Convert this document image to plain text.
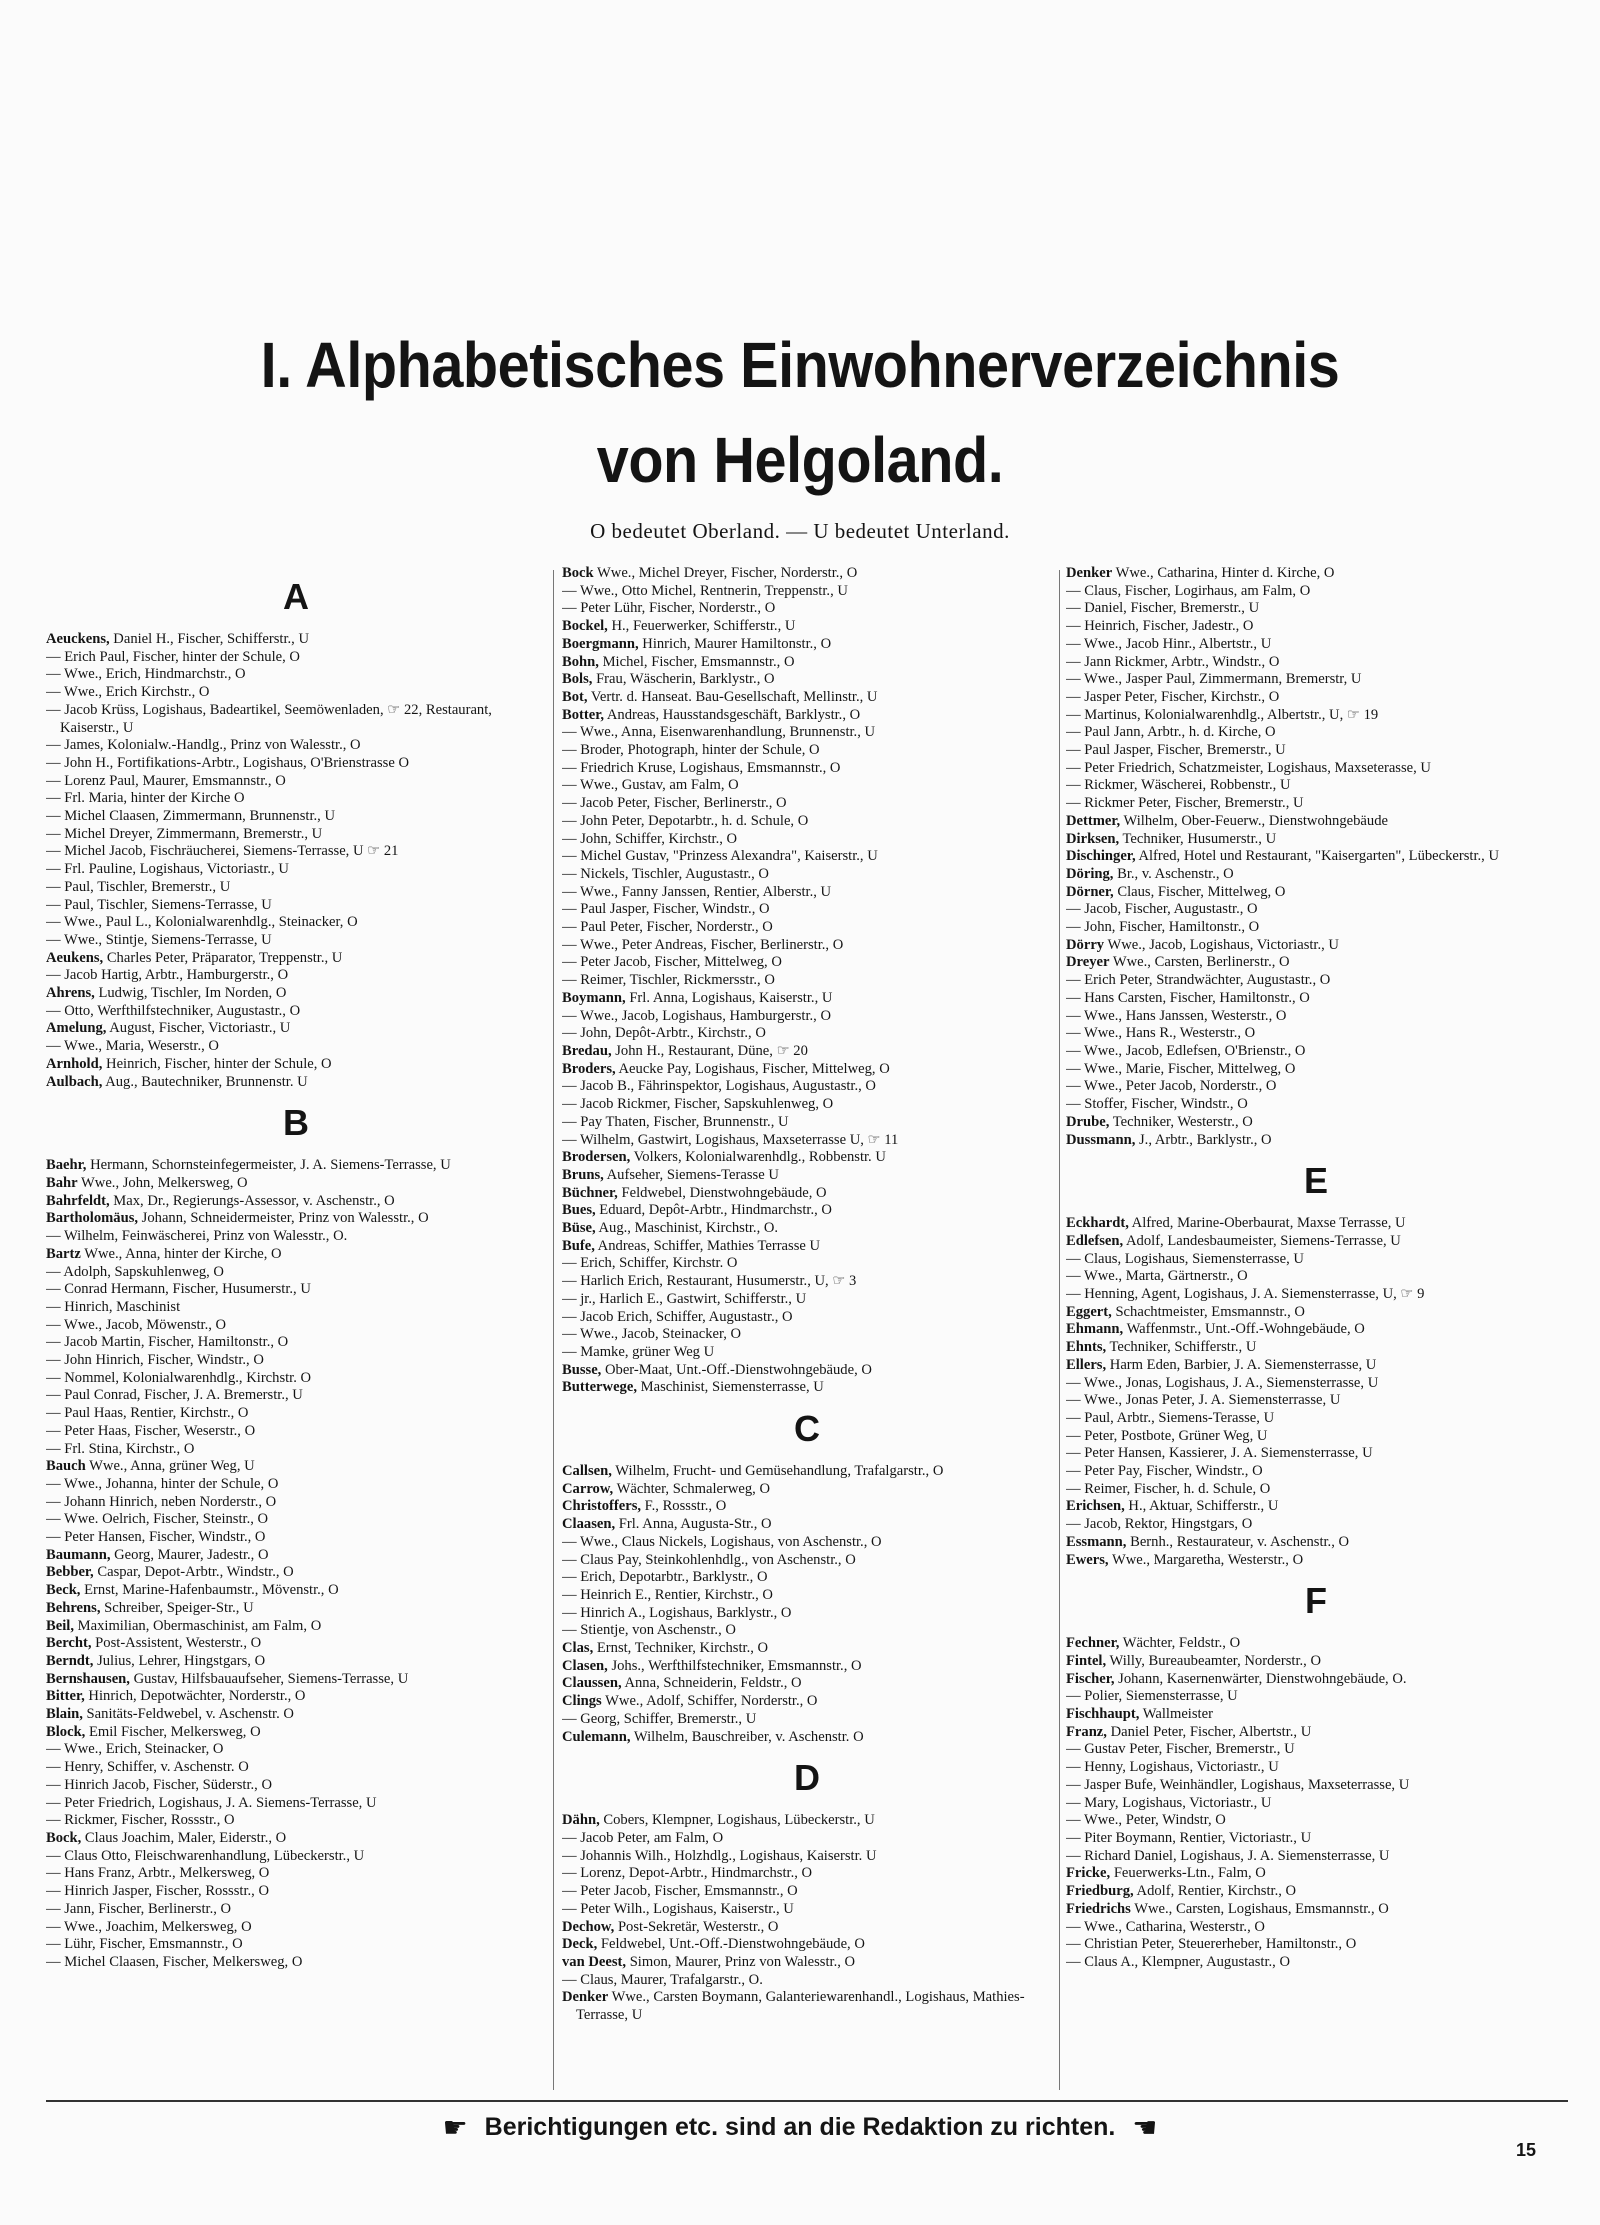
I. Alphabetisches Einwohnerverzeichnis
von Helgoland.
O bedeutet Oberland. — U bedeutet Unterland.
A
Aeuckens, Daniel H., Fischer, Schifferstr., U
— Erich Paul, Fischer, hinter der Schule, O
— Wwe., Erich, Hindmarchstr., O
— Wwe., Erich Kirchstr., O
— Jacob Krüss, Logishaus, Badeartikel, Seemöwenladen, ☞ 22, Restaurant, Kaiserstr., U
— James, Kolonialw.-Handlg., Prinz von Walesstr., O
— John H., Fortifikations-Arbtr., Logishaus, O'Brienstrasse O
— Lorenz Paul, Maurer, Emsmannstr., O
— Frl. Maria, hinter der Kirche O
— Michel Claasen, Zimmermann, Brunnenstr., U
— Michel Dreyer, Zimmermann, Bremerstr., U
— Michel Jacob, Fischräucherei, Siemens-Terrasse, U ☞ 21
— Frl. Pauline, Logishaus, Victoriastr., U
— Paul, Tischler, Bremerstr., U
— Paul, Tischler, Siemens-Terrasse, U
— Wwe., Paul L., Kolonialwarenhdlg., Steinacker, O
— Wwe., Stintje, Siemens-Terrasse, U
Aeukens, Charles Peter, Präparator, Treppenstr., U
— Jacob Hartig, Arbtr., Hamburgerstr., O
Ahrens, Ludwig, Tischler, Im Norden, O
— Otto, Werfthilfstechniker, Augustastr., O
Amelung, August, Fischer, Victoriastr., U
— Wwe., Maria, Weserstr., O
Arnhold, Heinrich, Fischer, hinter der Schule, O
Aulbach, Aug., Bautechniker, Brunnenstr. U
B
Baehr, Hermann, Schornsteinfegermeister, J. A. Siemens-Terrasse, U
Bahr Wwe., John, Melkersweg, O
Bahrfeldt, Max, Dr., Regierungs-Assessor, v. Aschenstr., O
Bartholomäus, Johann, Schneidermeister, Prinz von Walesstr., O
— Wilhelm, Feinwäscherei, Prinz von Walesstr., O.
Bartz Wwe., Anna, hinter der Kirche, O
— Adolph, Sapskuhlenweg, O
— Conrad Hermann, Fischer, Husumerstr., U
— Hinrich, Maschinist
— Wwe., Jacob, Möwenstr., O
— Jacob Martin, Fischer, Hamiltonstr., O
— John Hinrich, Fischer, Windstr., O
— Nommel, Kolonialwarenhdlg., Kirchstr. O
— Paul Conrad, Fischer, J. A. Bremerstr., U
— Paul Haas, Rentier, Kirchstr., O
— Peter Haas, Fischer, Weserstr., O
— Frl. Stina, Kirchstr., O
Bauch Wwe., Anna, grüner Weg, U
— Wwe., Johanna, hinter der Schule, O
— Johann Hinrich, neben Norderstr., O
— Wwe. Oelrich, Fischer, Steinstr., O
— Peter Hansen, Fischer, Windstr., O
Baumann, Georg, Maurer, Jadestr., O
Bebber, Caspar, Depot-Arbtr., Windstr., O
Beck, Ernst, Marine-Hafenbaumstr., Mövenstr., O
Behrens, Schreiber, Speiger-Str., U
Beil, Maximilian, Obermaschinist, am Falm, O
Bercht, Post-Assistent, Westerstr., O
Berndt, Julius, Lehrer, Hingstgars, O
Bernshausen, Gustav, Hilfsbauaufseher, Siemens-Terrasse, U
Bitter, Hinrich, Depotwächter, Norderstr., O
Blain, Sanitäts-Feldwebel, v. Aschenstr. O
Block, Emil Fischer, Melkersweg, O
— Wwe., Erich, Steinacker, O
— Henry, Schiffer, v. Aschenstr. O
— Hinrich Jacob, Fischer, Süderstr., O
— Peter Friedrich, Logishaus, J. A. Siemens-Terrasse, U
— Rickmer, Fischer, Rossstr., O
Bock, Claus Joachim, Maler, Eiderstr., O
— Claus Otto, Fleischwarenhandlung, Lübeckerstr., U
— Hans Franz, Arbtr., Melkersweg, O
— Hinrich Jasper, Fischer, Rossstr., O
— Jann, Fischer, Berlinerstr., O
— Wwe., Joachim, Melkersweg, O
— Lühr, Fischer, Emsmannstr., O
— Michel Claasen, Fischer, Melkersweg, O
Bock Wwe., Michel Dreyer, Fischer, Norderstr., O
— Wwe., Otto Michel, Rentnerin, Treppenstr., U
— Peter Lühr, Fischer, Norderstr., O
Bockel, H., Feuerwerker, Schifferstr., U
Boergmann, Hinrich, Maurer Hamiltonstr., O
Bohn, Michel, Fischer, Emsmannstr., O
Bols, Frau, Wäscherin, Barklystr., O
Bot, Vertr. d. Hanseat. Bau-Gesellschaft, Mellinstr., U
Botter, Andreas, Hausstandsgeschäft, Barklystr., O
— Wwe., Anna, Eisenwarenhandlung, Brunnenstr., U
— Broder, Photograph, hinter der Schule, O
— Friedrich Kruse, Logishaus, Emsmannstr., O
— Wwe., Gustav, am Falm, O
— Jacob Peter, Fischer, Berlinerstr., O
— John Peter, Depotarbtr., h. d. Schule, O
— John, Schiffer, Kirchstr., O
— Michel Gustav, "Prinzess Alexandra", Kaiserstr., U
— Nickels, Tischler, Augustastr., O
— Wwe., Fanny Janssen, Rentier, Alberstr., U
— Paul Jasper, Fischer, Windstr., O
— Paul Peter, Fischer, Norderstr., O
— Wwe., Peter Andreas, Fischer, Berlinerstr., O
— Peter Jacob, Fischer, Mittelweg, O
— Reimer, Tischler, Rickmersstr., O
Boymann, Frl. Anna, Logishaus, Kaiserstr., U
— Wwe., Jacob, Logishaus, Hamburgerstr., O
— John, Depôt-Arbtr., Kirchstr., O
Bredau, John H., Restaurant, Düne, ☞ 20
Broders, Aeucke Pay, Logishaus, Fischer, Mittelweg, O
— Jacob B., Fährinspektor, Logishaus, Augustastr., O
— Jacob Rickmer, Fischer, Sapskuhlenweg, O
— Pay Thaten, Fischer, Brunnenstr., U
— Wilhelm, Gastwirt, Logishaus, Maxseterrasse U, ☞ 11
Brodersen, Volkers, Kolonialwarenhdlg., Robbenstr. U
Bruns, Aufseher, Siemens-Terasse U
Büchner, Feldwebel, Dienstwohngebäude, O
Bues, Eduard, Depôt-Arbtr., Hindmarchstr., O
Büse, Aug., Maschinist, Kirchstr., O.
Bufe, Andreas, Schiffer, Mathies Terrasse U
— Erich, Schiffer, Kirchstr. O
— Harlich Erich, Restaurant, Husumerstr., U, ☞ 3
— jr., Harlich E., Gastwirt, Schifferstr., U
— Jacob Erich, Schiffer, Augustastr., O
— Wwe., Jacob, Steinacker, O
— Mamke, grüner Weg U
Busse, Ober-Maat, Unt.-Off.-Dienstwohngebäude, O
Butterwege, Maschinist, Siemensterrasse, U
C
Callsen, Wilhelm, Frucht- und Gemüsehandlung, Trafalgarstr., O
Carrow, Wächter, Schmalerweg, O
Christoffers, F., Rossstr., O
Claasen, Frl. Anna, Augusta-Str., O
— Wwe., Claus Nickels, Logishaus, von Aschenstr., O
— Claus Pay, Steinkohlenhdlg., von Aschenstr., O
— Erich, Depotarbtr., Barklystr., O
— Heinrich E., Rentier, Kirchstr., O
— Hinrich A., Logishaus, Barklystr., O
— Stientje, von Aschenstr., O
Clas, Ernst, Techniker, Kirchstr., O
Clasen, Johs., Werfthilfstechniker, Emsmannstr., O
Claussen, Anna, Schneiderin, Feldstr., O
Clings Wwe., Adolf, Schiffer, Norderstr., O
— Georg, Schiffer, Bremerstr., U
Culemann, Wilhelm, Bauschreiber, v. Aschenstr. O
D
Dähn, Cobers, Klempner, Logishaus, Lübeckerstr., U
— Jacob Peter, am Falm, O
— Johannis Wilh., Holzhdlg., Logishaus, Kaiserstr. U
— Lorenz, Depot-Arbtr., Hindmarchstr., O
— Peter Jacob, Fischer, Emsmannstr., O
— Peter Wilh., Logishaus, Kaiserstr., U
Dechow, Post-Sekretär, Westerstr., O
Deck, Feldwebel, Unt.-Off.-Dienstwohngebäude, O
van Deest, Simon, Maurer, Prinz von Walesstr., O
— Claus, Maurer, Trafalgarstr., O.
Denker Wwe., Carsten Boymann, Galanteriewarenhandl., Logishaus, Mathies-Terrasse, U
Denker Wwe., Catharina, Hinter d. Kirche, O
— Claus, Fischer, Logirhaus, am Falm, O
— Daniel, Fischer, Bremerstr., U
— Heinrich, Fischer, Jadestr., O
— Wwe., Jacob Hinr., Albertstr., U
— Jann Rickmer, Arbtr., Windstr., O
— Wwe., Jasper Paul, Zimmermann, Bremerstr, U
— Jasper Peter, Fischer, Kirchstr., O
— Martinus, Kolonialwarenhdlg., Albertstr., U, ☞ 19
— Paul Jann, Arbtr., h. d. Kirche, O
— Paul Jasper, Fischer, Bremerstr., U
— Peter Friedrich, Schatzmeister, Logishaus, Maxseterasse, U
— Rickmer, Wäscherei, Robbenstr., U
— Rickmer Peter, Fischer, Bremerstr., U
Dettmer, Wilhelm, Ober-Feuerw., Dienstwohngebäude
Dirksen, Techniker, Husumerstr., U
Dischinger, Alfred, Hotel und Restaurant, "Kaisergarten", Lübeckerstr., U
Döring, Br., v. Aschenstr., O
Dörner, Claus, Fischer, Mittelweg, O
— Jacob, Fischer, Augustastr., O
— John, Fischer, Hamiltonstr., O
Dörry Wwe., Jacob, Logishaus, Victoriastr., U
Dreyer Wwe., Carsten, Berlinerstr., O
— Erich Peter, Strandwächter, Augustastr., O
— Hans Carsten, Fischer, Hamiltonstr., O
— Wwe., Hans Janssen, Westerstr., O
— Wwe., Hans R., Westerstr., O
— Wwe., Jacob, Edlefsen, O'Brienstr., O
— Wwe., Marie, Fischer, Mittelweg, O
— Wwe., Peter Jacob, Norderstr., O
— Stoffer, Fischer, Windstr., O
Drube, Techniker, Westerstr., O
Dussmann, J., Arbtr., Barklystr., O
E
Eckhardt, Alfred, Marine-Oberbaurat, Maxse Terrasse, U
Edlefsen, Adolf, Landesbaumeister, Siemens-Terrasse, U
— Claus, Logishaus, Siemensterrasse, U
— Wwe., Marta, Gärtnerstr., O
— Henning, Agent, Logishaus, J. A. Siemensterrasse, U, ☞ 9
Eggert, Schachtmeister, Emsmannstr., O
Ehmann, Waffenmstr., Unt.-Off.-Wohngebäude, O
Ehnts, Techniker, Schifferstr., U
Ellers, Harm Eden, Barbier, J. A. Siemensterrasse, U
— Wwe., Jonas, Logishaus, J. A., Siemensterrasse, U
— Wwe., Jonas Peter, J. A. Siemensterrasse, U
— Paul, Arbtr., Siemens-Terasse, U
— Peter, Postbote, Grüner Weg, U
— Peter Hansen, Kassierer, J. A. Siemensterrasse, U
— Peter Pay, Fischer, Windstr., O
— Reimer, Fischer, h. d. Schule, O
Erichsen, H., Aktuar, Schifferstr., U
— Jacob, Rektor, Hingstgars, O
Essmann, Bernh., Restaurateur, v. Aschenstr., O
Ewers, Wwe., Margaretha, Westerstr., O
F
Fechner, Wächter, Feldstr., O
Fintel, Willy, Bureaubeamter, Norderstr., O
Fischer, Johann, Kasernenwärter, Dienstwohngebäude, O.
— Polier, Siemensterrasse, U
Fischhaupt, Wallmeister
Franz, Daniel Peter, Fischer, Albertstr., U
— Gustav Peter, Fischer, Bremerstr., U
— Henny, Logishaus, Victoriastr., U
— Jasper Bufe, Weinhändler, Logishaus, Maxseterrasse, U
— Mary, Logishaus, Victoriastr., U
— Wwe., Peter, Windstr, O
— Piter Boymann, Rentier, Victoriastr., U
— Richard Daniel, Logishaus, J. A. Siemensterrasse, U
Fricke, Feuerwerks-Ltn., Falm, O
Friedburg, Adolf, Rentier, Kirchstr., O
Friedrichs Wwe., Carsten, Logishaus, Emsmannstr., O
— Wwe., Catharina, Westerstr., O
— Christian Peter, Steuererheber, Hamiltonstr., O
— Claus A., Klempner, Augustastr., O
☛ Berichtigungen etc. sind an die Redaktion zu richten. ☚
15
